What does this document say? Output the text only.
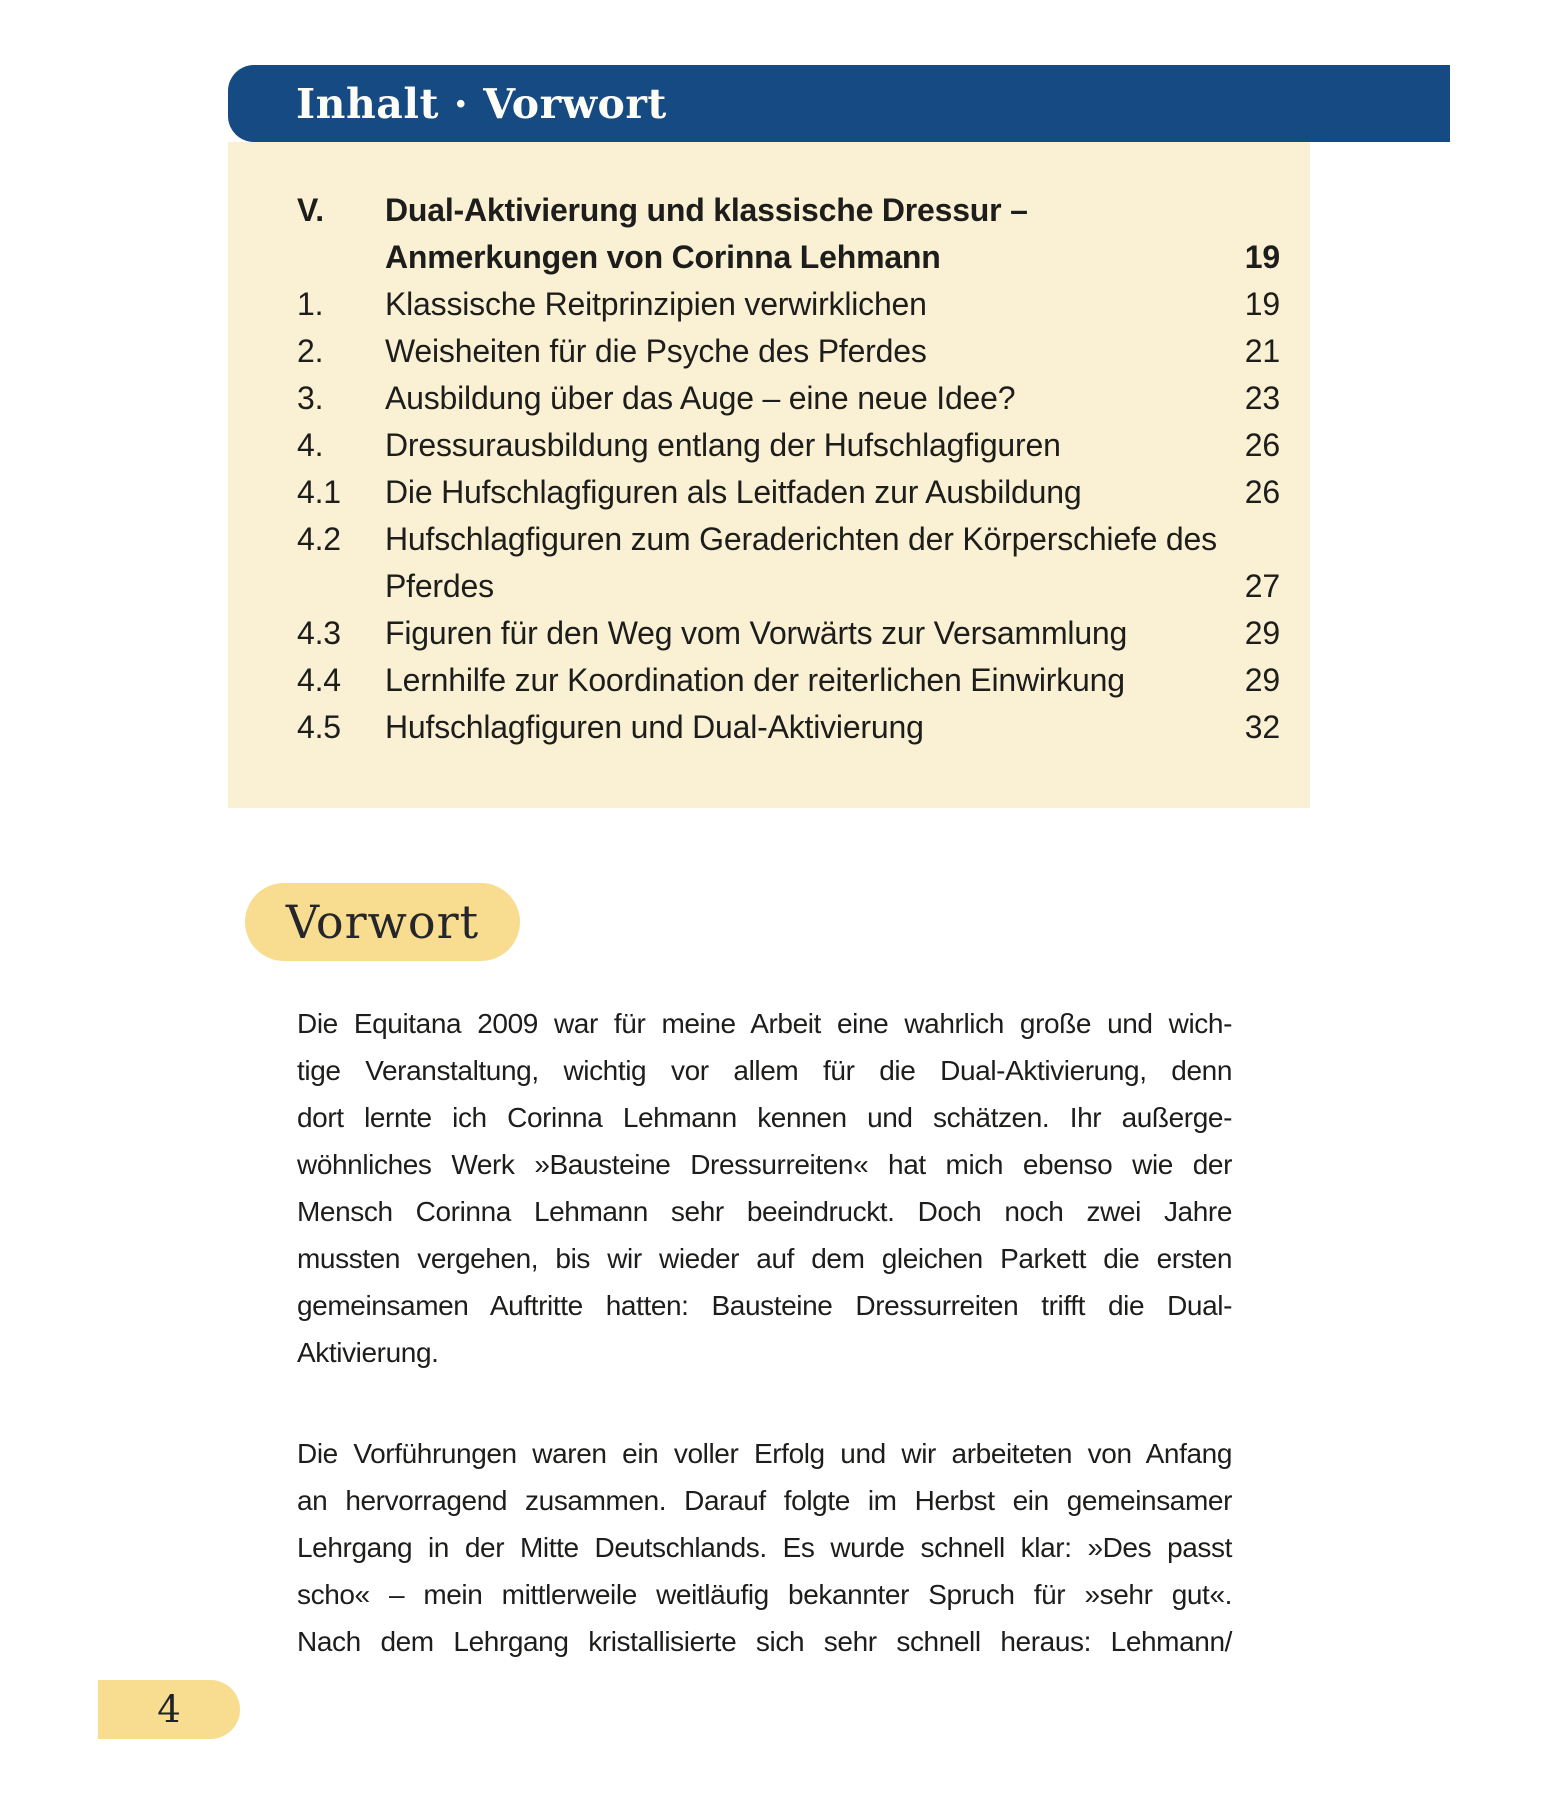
Inhalt · Vorwort
V.	Dual-Aktivierung und klassische Dressur –
Anmerkungen von Corinna Lehmann	19
1.	Klassische Reitprinzipien verwirklichen	19
2.	Weisheiten für die Psyche des Pferdes	21
3.	Ausbildung über das Auge – eine neue Idee?	23
4.	Dressurausbildung entlang der Hufschlagfiguren	26
4.1	Die Hufschlagfiguren als Leitfaden zur Ausbildung	26
4.2	Hufschlagfiguren zum Geraderichten der Körperschiefe des
Pferdes	27
4.3	Figuren für den Weg vom Vorwärts zur Versammlung	29
4.4	Lernhilfe zur Koordination der reiterlichen Einwirkung	29
4.5	Hufschlagfiguren und Dual-Aktivierung	32
Vorwort
Die Equitana 2009 war für meine Arbeit eine wahrlich große und wich-
tige Veranstaltung, wichtig vor allem für die Dual-Aktivierung, denn
dort lernte ich Corinna Lehmann kennen und schätzen. Ihr außerge-
wöhnliches Werk »Bausteine Dressurreiten« hat mich ebenso wie der
Mensch Corinna Lehmann sehr beeindruckt. Doch noch zwei Jahre
mussten vergehen, bis wir wieder auf dem gleichen Parkett die ersten
gemeinsamen Auftritte hatten: Bausteine Dressurreiten trifft die Dual-
Aktivierung.
Die Vorführungen waren ein voller Erfolg und wir arbeiteten von Anfang
an hervorragend zusammen. Darauf folgte im Herbst ein gemeinsamer
Lehrgang in der Mitte Deutschlands. Es wurde schnell klar: »Des passt
scho« – mein mittlerweile weitläufig bekannter Spruch für »sehr gut«.
Nach dem Lehrgang kristallisierte sich sehr schnell heraus: Lehmann/
4
